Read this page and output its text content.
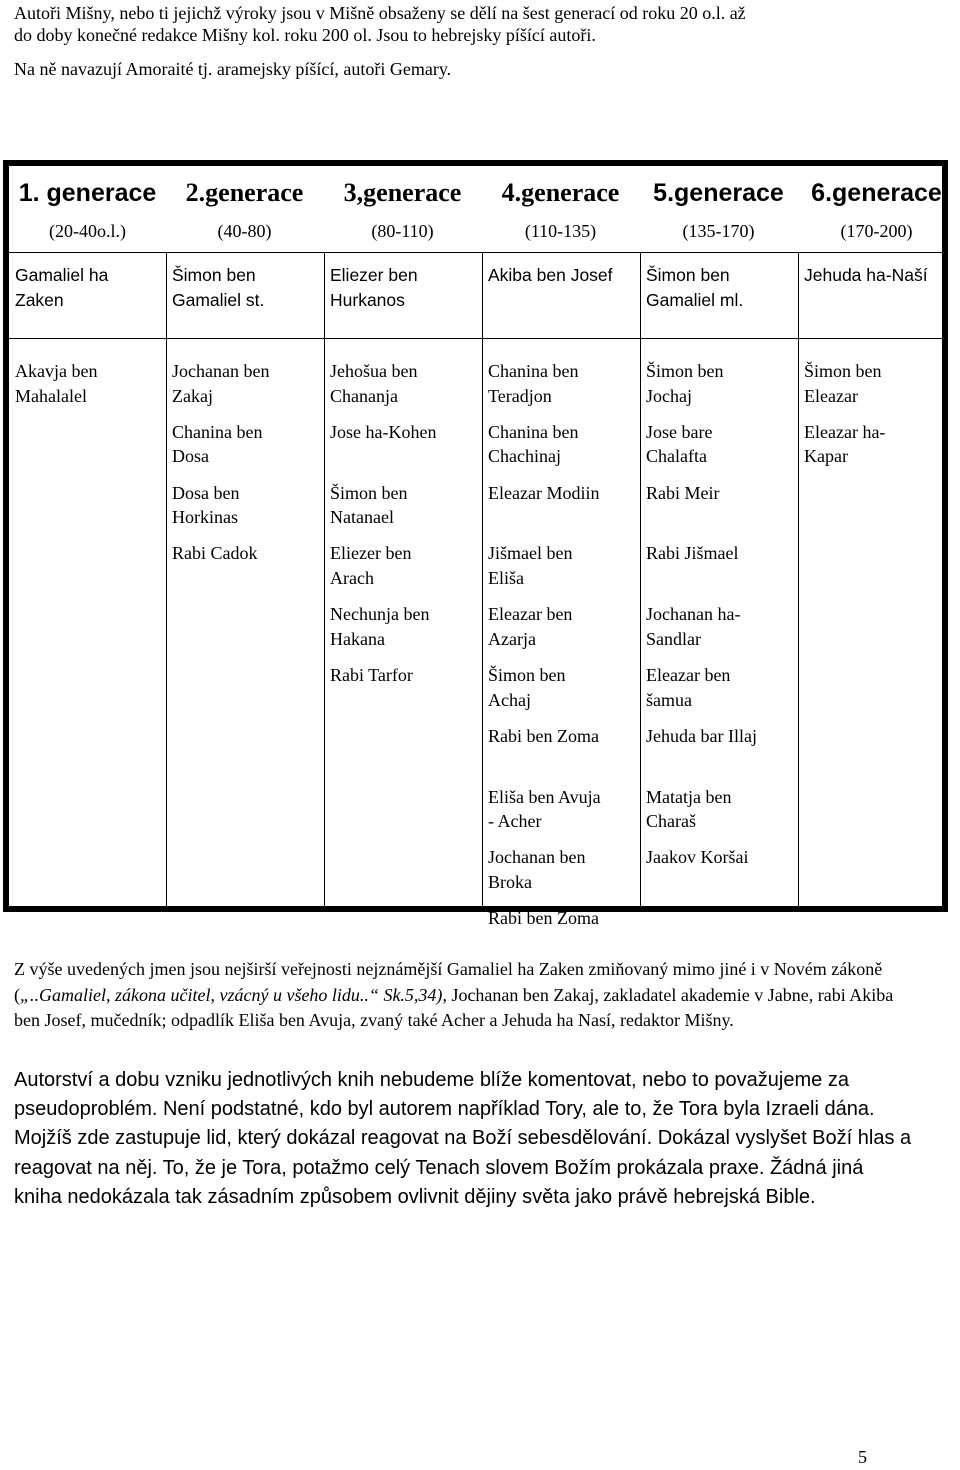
Autoři Mišny, nebo ti jejichž výroky jsou v Mišně obsaženy se dělí na šest generací od roku 20 o.l. až

do doby konečné redakce Mišny kol. roku 200 ol. Jsou to hebrejsky píšící autoři.

Na ně navazují Amoraité tj. aramejsky píšící, autoři Gemary.

1. generace
(20-40o.l.)
2.generace
(40-80)
3,generace
(80-110)
4.generace
(110-135)
5.generace
(135-170)
6.generace
(170-200)
Gamaliel ha
Zaken
Akavja ben
Mahalalel
Šimon ben
Gamaliel st.
Jochanan ben
Zakaj
Chanina ben
Dosa
Dosa ben
Horkinas
Rabi Cadok
Eliezer ben
Hurkanos
Jehošua ben
Chananja
Jose ha-Kohen
Šimon ben
Natanael
Eliezer ben
Arach
Nechunja ben
Hakana
Rabi Tarfor
Akiba ben Josef
Chanina ben
Teradjon
Chanina ben
Chachinaj
Eleazar Modiin
Jišmael ben
Eliša
Eleazar ben
Azarja
Šimon ben
Achaj
Rabi ben Zoma
Eliša ben Avuja
- Acher
Jochanan ben
Broka
Rabi ben Zoma
Šimon ben
Gamaliel ml.
Šimon ben
Jochaj
Jose bare
Chalafta
Rabi Meir
Rabi Jišmael
Jochanan ha-
Sandlar
Eleazar ben
šamua
Jehuda bar Illaj
Matatja ben
Charaš
Jaakov Koršai
Jehuda ha-Naší
Šimon ben
Eleazar
Eleazar ha-
Kapar

Z výše uvedených jmen jsou nejširší veřejnosti nejznámější Gamaliel ha Zaken zmiňovaný mimo jiné i v Novém zákoně („..Gamaliel, zákona učitel, vzácný u všeho lidu..“ Sk.5,34), Jochanan ben Zakaj, zakladatel akademie v Jabne, rabi Akiba ben Josef, mučedník; odpadlík Eliša ben Avuja, zvaný také Acher a Jehuda ha Nasí, redaktor Mišny.

Autorství a dobu vzniku jednotlivých knih nebudeme blíže komentovat, nebo to považujeme za pseudoproblém. Není podstatné, kdo byl autorem například Tory, ale to, že Tora byla Izraeli dána. Mojžíš zde zastupuje lid, který dokázal reagovat na Boží sebesdělování. Dokázal vyslyšet Boží hlas a reagovat na něj. To, že je Tora, potažmo celý Tenach slovem Božím prokázala praxe. Žádná jiná kniha nedokázala tak zásadním způsobem ovlivnit dějiny světa jako právě hebrejská Bible.

5
